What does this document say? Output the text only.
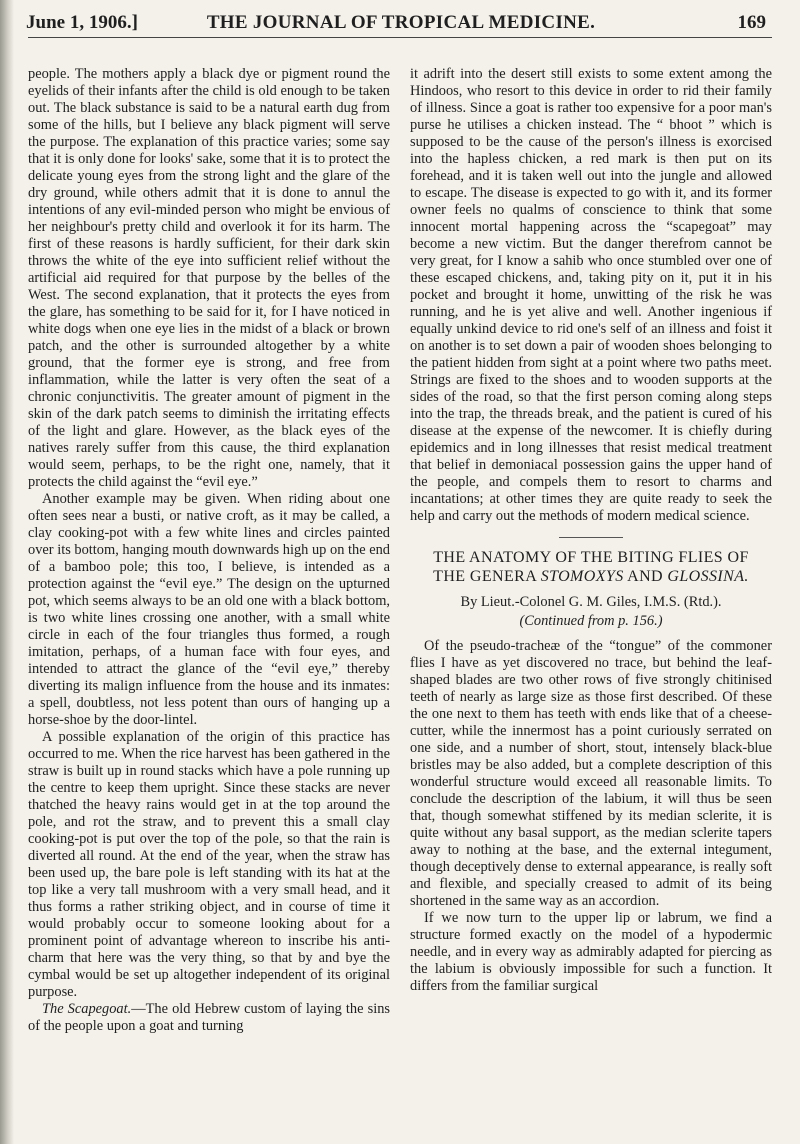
June 1, 1906.]	THE JOURNAL OF TROPICAL MEDICINE.	169

people. The mothers apply a black dye or pigment round the eyelids of their infants after the child is old enough to be taken out. The black substance is said to be a natural earth dug from some of the hills, but I believe any black pigment will serve the purpose. The explanation of this practice varies; some say that it is only done for looks' sake, some that it is to protect the delicate young eyes from the strong light and the glare of the dry ground, while others admit that it is done to annul the intentions of any evil-minded person who might be envious of her neighbour's pretty child and overlook it for its harm. The first of these reasons is hardly sufficient, for their dark skin throws the white of the eye into sufficient relief without the artificial aid required for that purpose by the belles of the West. The second explanation, that it protects the eyes from the glare, has something to be said for it, for I have noticed in white dogs when one eye lies in the midst of a black or brown patch, and the other is surrounded altogether by a white ground, that the former eye is strong, and free from inflammation, while the latter is very often the seat of a chronic conjunctivitis. The greater amount of pigment in the skin of the dark patch seems to diminish the irritating effects of the light and glare. However, as the black eyes of the natives rarely suffer from this cause, the third explanation would seem, perhaps, to be the right one, namely, that it protects the child against the “evil eye.”

Another example may be given. When riding about one often sees near a busti, or native croft, as it may be called, a clay cooking-pot with a few white lines and circles painted over its bottom, hanging mouth downwards high up on the end of a bamboo pole; this too, I believe, is intended as a protection against the “evil eye.” The design on the upturned pot, which seems always to be an old one with a black bottom, is two white lines crossing one another, with a small white circle in each of the four triangles thus formed, a rough imitation, perhaps, of a human face with four eyes, and intended to attract the glance of the “evil eye,” thereby diverting its malign influence from the house and its inmates: a spell, doubtless, not less potent than ours of hanging up a horse-shoe by the door-lintel.

A possible explanation of the origin of this practice has occurred to me. When the rice harvest has been gathered in the straw is built up in round stacks which have a pole running up the centre to keep them upright. Since these stacks are never thatched the heavy rains would get in at the top around the pole, and rot the straw, and to prevent this a small clay cooking-pot is put over the top of the pole, so that the rain is diverted all round. At the end of the year, when the straw has been used up, the bare pole is left standing with its hat at the top like a very tall mushroom with a very small head, and it thus forms a rather striking object, and in course of time it would probably occur to someone looking about for a prominent point of advantage whereon to inscribe his anti-charm that here was the very thing, so that by and bye the cymbal would be set up altogether independent of its original purpose.

The Scapegoat.—The old Hebrew custom of laying the sins of the people upon a goat and turning

it adrift into the desert still exists to some extent among the Hindoos, who resort to this device in order to rid their family of illness. Since a goat is rather too expensive for a poor man's purse he utilises a chicken instead. The “ bhoot ” which is supposed to be the cause of the person's illness is exorcised into the hapless chicken, a red mark is then put on its forehead, and it is taken well out into the jungle and allowed to escape. The disease is expected to go with it, and its former owner feels no qualms of conscience to think that some innocent mortal happening across the “scapegoat” may become a new victim. But the danger therefrom cannot be very great, for I know a sahib who once stumbled over one of these escaped chickens, and, taking pity on it, put it in his pocket and brought it home, unwitting of the risk he was running, and he is yet alive and well. Another ingenious if equally unkind device to rid one's self of an illness and foist it on another is to set down a pair of wooden shoes belonging to the patient hidden from sight at a point where two paths meet. Strings are fixed to the shoes and to wooden supports at the sides of the road, so that the first person coming along steps into the trap, the threads break, and the patient is cured of his disease at the expense of the newcomer. It is chiefly during epidemics and in long illnesses that resist medical treatment that belief in demoniacal possession gains the upper hand of the people, and compels them to resort to charms and incantations; at other times they are quite ready to seek the help and carry out the methods of modern medical science.

THE ANATOMY OF THE BITING FLIES OF
THE GENERA STOMOXYS AND GLOSSINA.
By Lieut.-Colonel G. M. Giles, I.M.S. (Rtd.).
(Continued from p. 156.)

Of the pseudo-tracheæ of the “tongue” of the commoner flies I have as yet discovered no trace, but behind the leaf-shaped blades are two other rows of five strongly chitinised teeth of nearly as large size as those first described. Of these the one next to them has teeth with ends like that of a cheese-cutter, while the innermost has a point curiously serrated on one side, and a number of short, stout, intensely black-blue bristles may be also added, but a complete description of this wonderful structure would exceed all reasonable limits. To conclude the description of the labium, it will thus be seen that, though somewhat stiffened by its median sclerite, it is quite without any basal support, as the median sclerite tapers away to nothing at the base, and the external integument, though deceptively dense to external appearance, is really soft and flexible, and specially creased to admit of its being shortened in the same way as an accordion.

If we now turn to the upper lip or labrum, we find a structure formed exactly on the model of a hypodermic needle, and in every way as admirably adapted for piercing as the labium is obviously impossible for such a function. It differs from the familiar surgical
